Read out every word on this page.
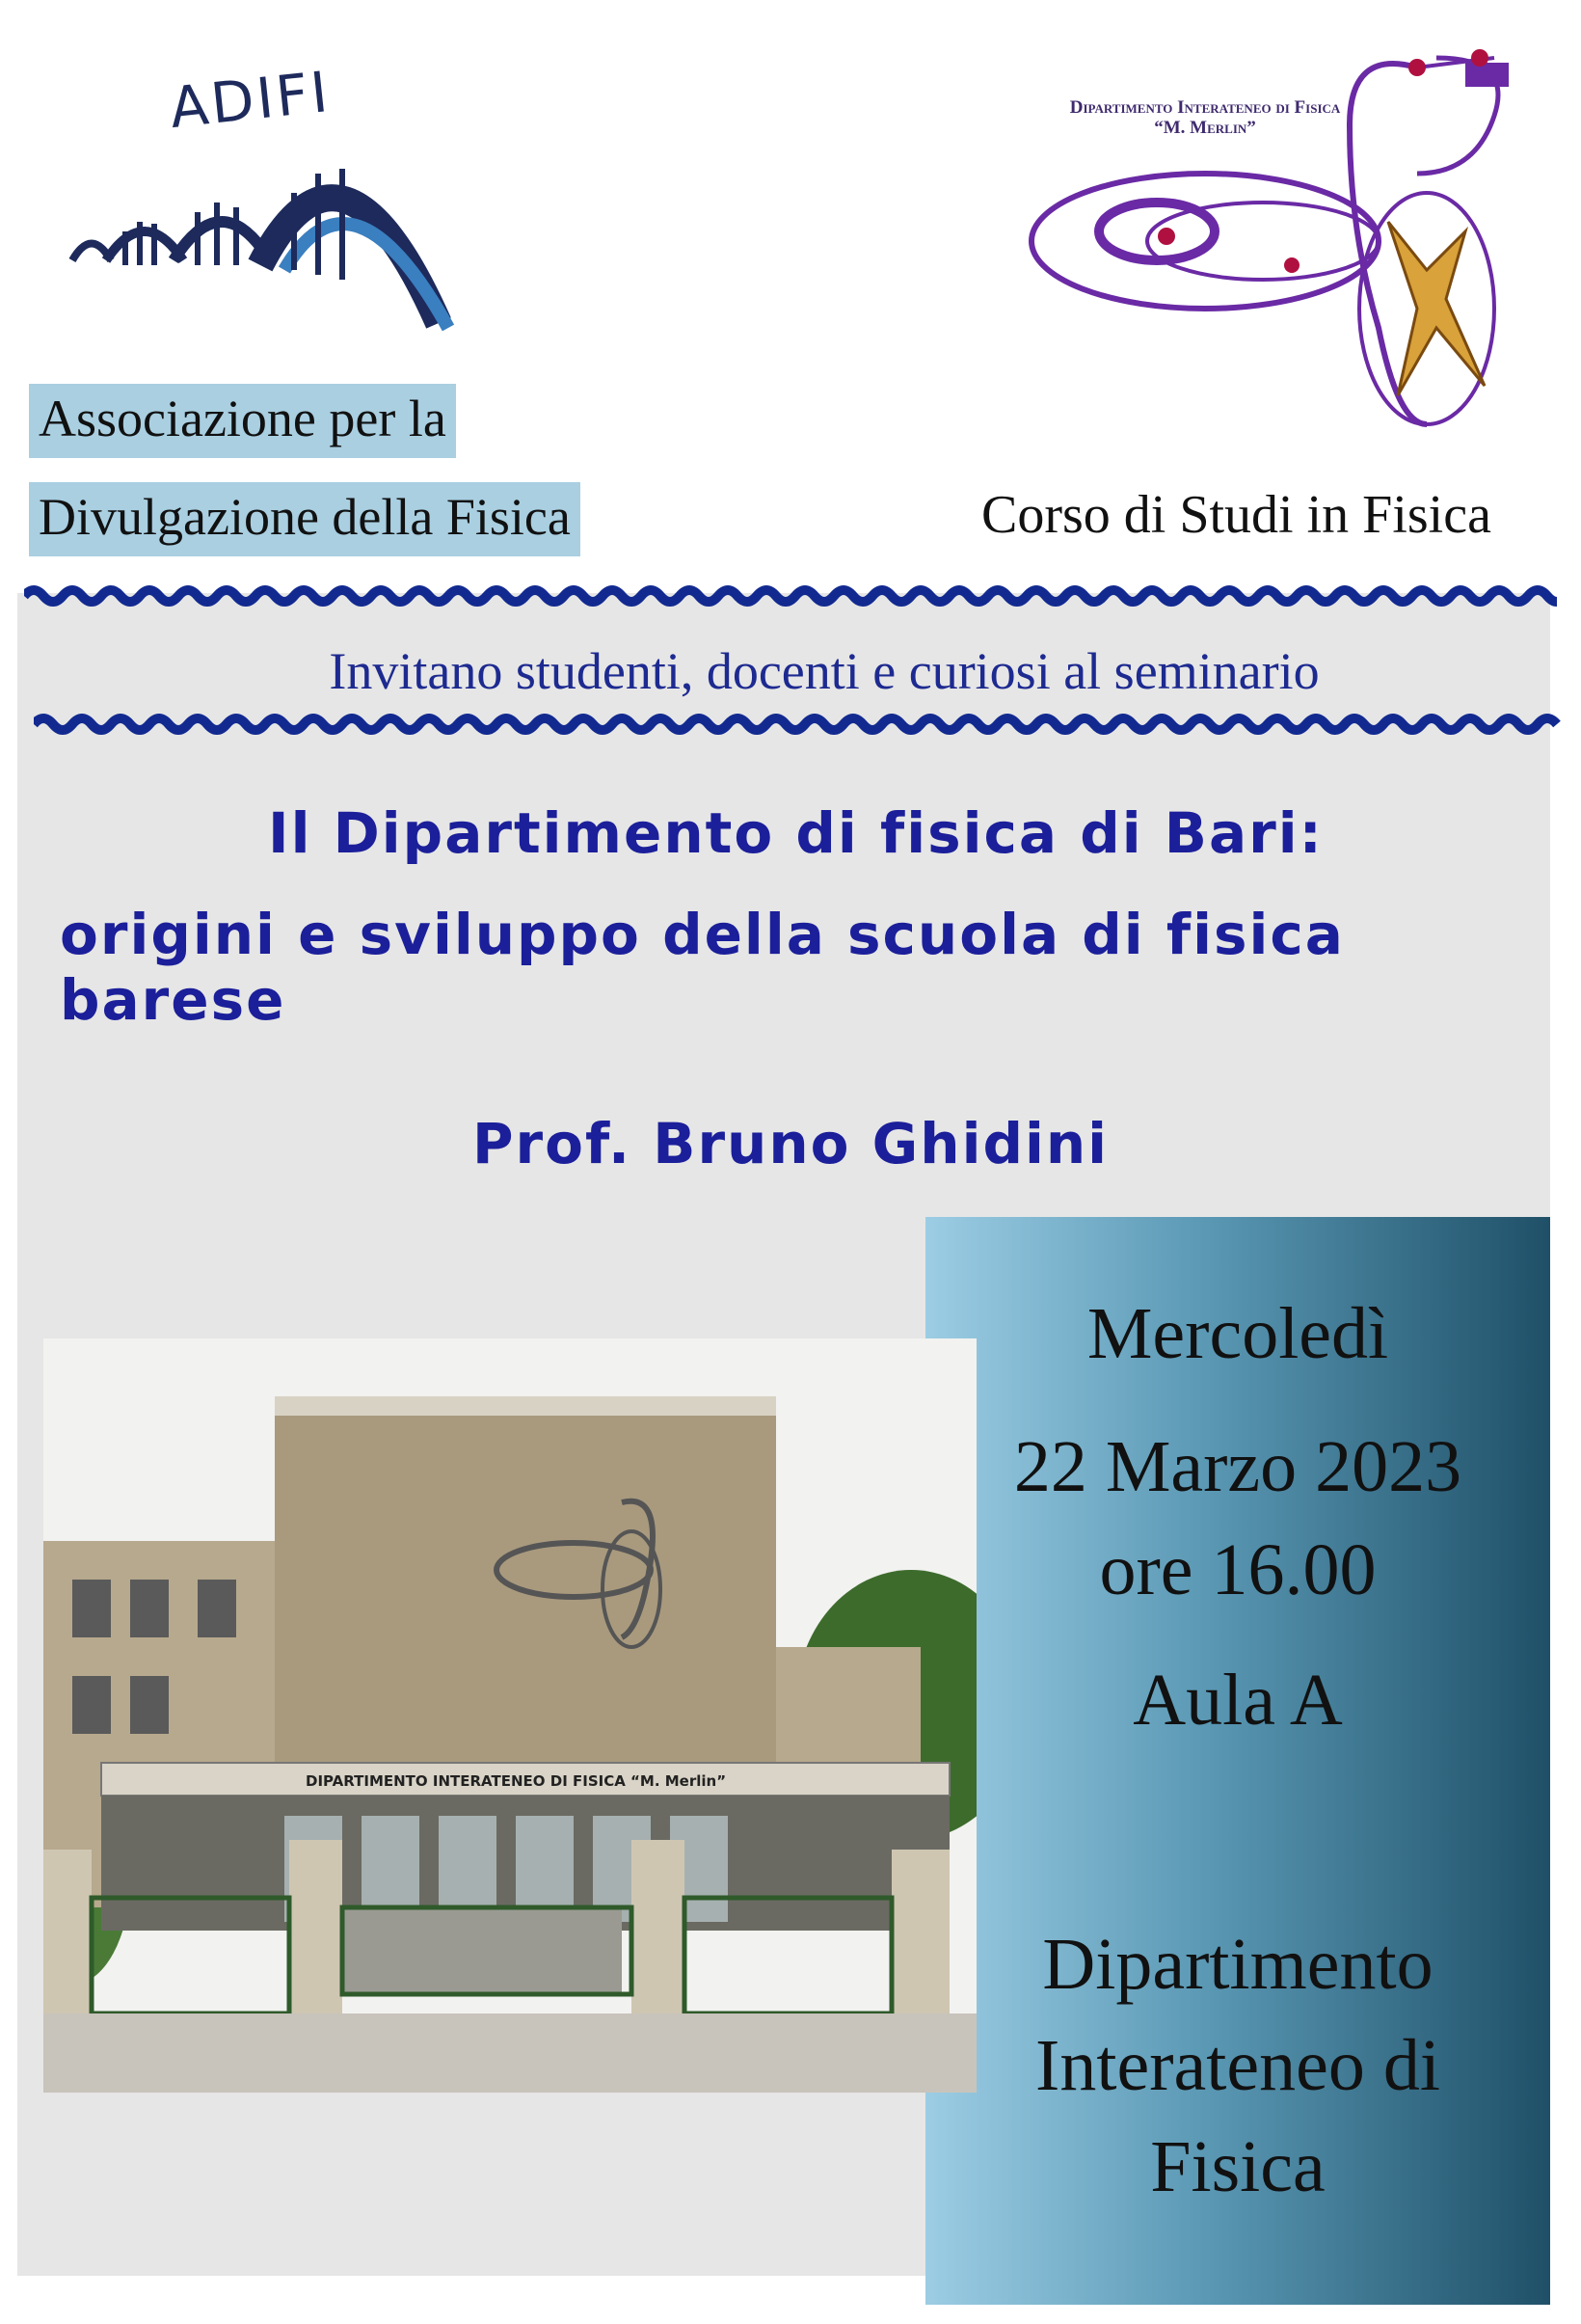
ADIFI
Associazione per la
Divulgazione della Fisica
Dipartimento Interateneo di Fisica
“M. Merlin”
Corso di Studi in Fisica
Invitano studenti, docenti e curiosi al seminario
Il Dipartimento di fisica di Bari:
origini e sviluppo della scuola di fisica barese
Prof. Bruno Ghidini
Mercoledì
22 Marzo 2023
ore 16.00
Aula A
Dipartimento
Interateneo di
Fisica
DIPARTIMENTO INTERATENEO DI FISICA “M. Merlin”
